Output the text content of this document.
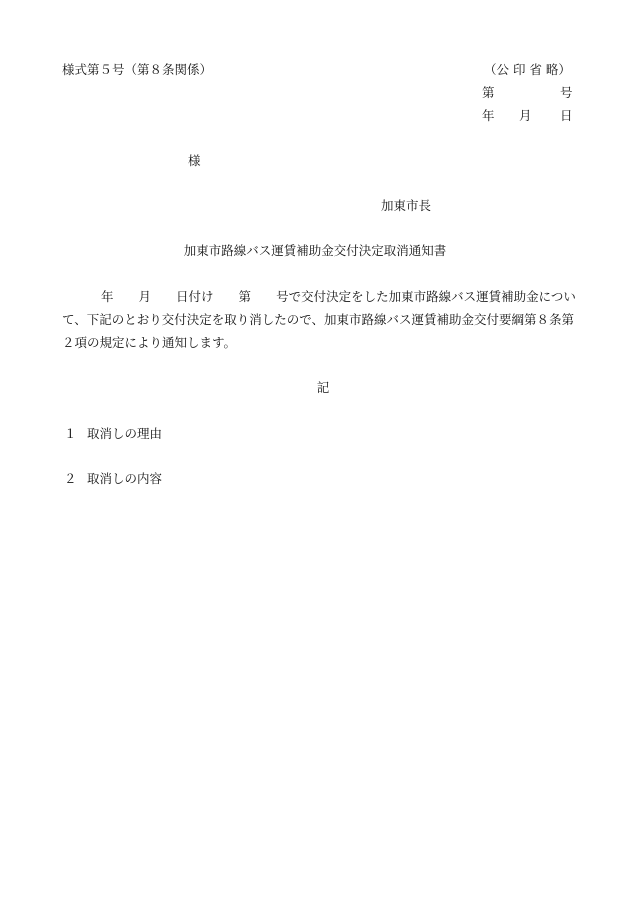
様式第５号（第８条関係）	（公 印 省 略）
第	号
年 月 日
様
加東市長
加東市路線バス運賃補助金交付決定取消通知書
年 月 日付け 第 号で交付決定をした加東市路線バス運賃補助金につい
て、下記のとおり交付決定を取り消したので、加東市路線バス運賃補助金交付要綱第８条第
２項の規定により通知します。
記
１ 取消しの理由
２ 取消しの内容
